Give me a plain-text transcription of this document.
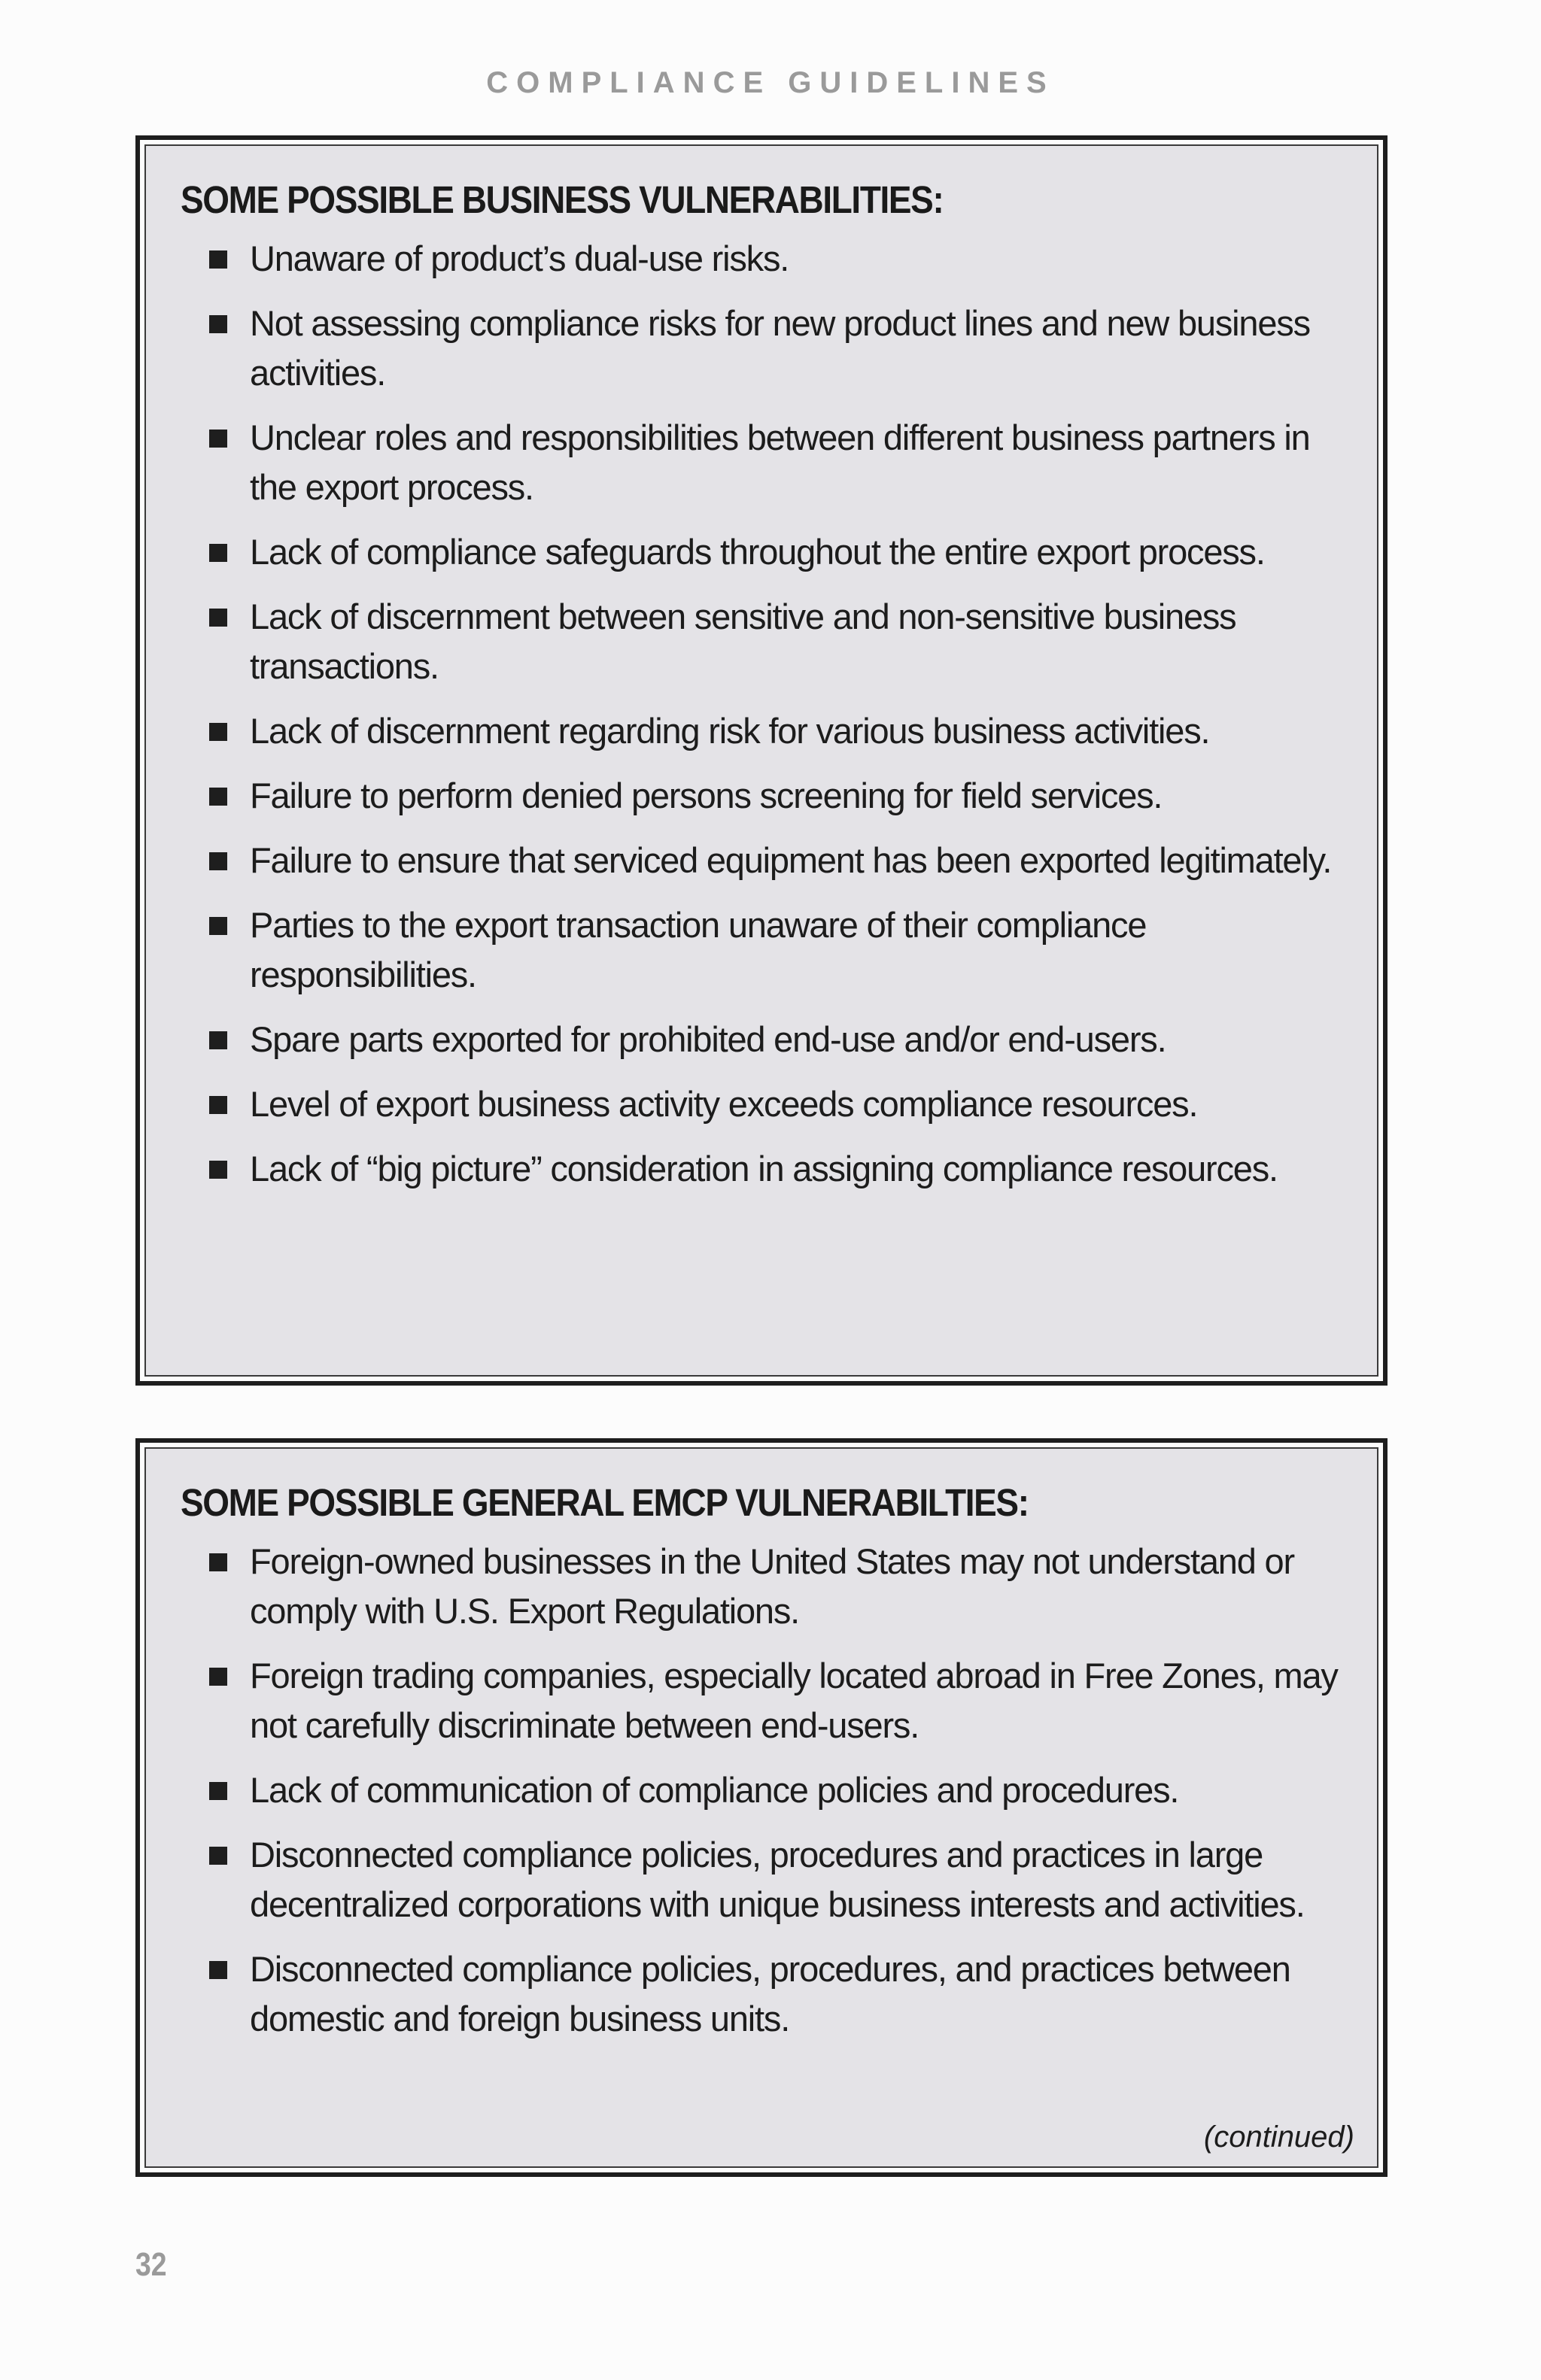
COMPLIANCE GUIDELINES
SOME POSSIBLE BUSINESS VULNERABILITIES:
Unaware of product’s dual-use risks.
Not assessing compliance risks for new product lines and new business activities.
Unclear roles and responsibilities between different business partners in the export process.
Lack of compliance safeguards throughout the entire export process.
Lack of discernment between sensitive and non-sensitive business transactions.
Lack of discernment regarding risk for various business activities.
Failure to perform denied persons screening for field services.
Failure to ensure that serviced equipment has been exported legitimately.
Parties to the export transaction unaware of their compliance responsibilities.
Spare parts exported for prohibited end-use and/or end-users.
Level of export business activity exceeds compliance resources.
Lack of “big picture” consideration in assigning compliance resources.
SOME POSSIBLE GENERAL EMCP VULNERABILTIES:
Foreign-owned businesses in the United States may not understand or comply with U.S. Export Regulations.
Foreign trading companies, especially located abroad in Free Zones, may not carefully discriminate between end-users.
Lack of communication of compliance policies and procedures.
Disconnected compliance policies, procedures and practices in large decentralized corporations with unique business interests and activities.
Disconnected compliance policies, procedures, and practices between domestic and foreign business units.
(continued)
32
